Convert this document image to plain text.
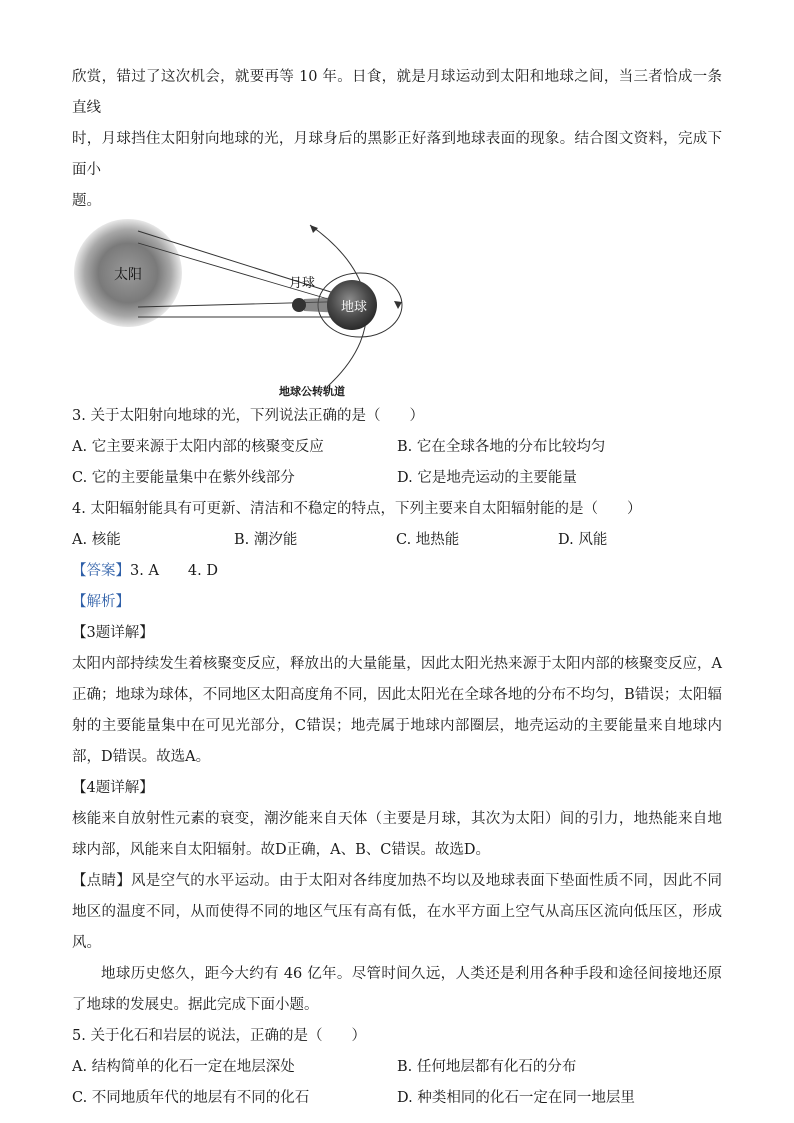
欣赏，错过了这次机会，就要再等 10 年。日食，就是月球运动到太阳和地球之间，当三者恰成一条直线

时，月球挡住太阳射向地球的光，月球身后的黑影正好落到地球表面的现象。结合图文资料，完成下面小

题。

太阳
月球
地球
地球公转轨道

3. 关于太阳射向地球的光，下列说法正确的是（　　）

A. 它主要来源于太阳内部的核聚变反应	B. 它在全球各地的分布比较均匀
C. 它的主要能量集中在紫外线部分	D. 它是地壳运动的主要能量

4. 太阳辐射能具有可更新、清洁和不稳定的特点，下列主要来自太阳辐射能的是（　　）

A. 核能	B. 潮汐能	C. 地热能	D. 风能

【答案】3. A　　4. D

【解析】

【3题详解】

太阳内部持续发生着核聚变反应，释放出的大量能量，因此太阳光热来源于太阳内部的核聚变反应，A正确；地球为球体，不同地区太阳高度角不同，因此太阳光在全球各地的分布不均匀，B错误；太阳辐射的主要能量集中在可见光部分，C错误；地壳属于地球内部圈层，地壳运动的主要能量来自地球内部，D错误。故选A。

【4题详解】

核能来自放射性元素的衰变，潮汐能来自天体（主要是月球，其次为太阳）间的引力，地热能来自地球内部，风能来自太阳辐射。故D正确，A、B、C错误。故选D。

【点睛】风是空气的水平运动。由于太阳对各纬度加热不均以及地球表面下垫面性质不同，因此不同地区的温度不同，从而使得不同的地区气压有高有低，在水平方面上空气从高压区流向低压区，形成风。

地球历史悠久，距今大约有 46 亿年。尽管时间久远，人类还是利用各种手段和途径间接地还原了地球的发展史。据此完成下面小题。

5. 关于化石和岩层的说法，正确的是（　　）

A. 结构简单的化石一定在地层深处	B. 任何地层都有化石的分布
C. 不同地质年代的地层有不同的化石	D. 种类相同的化石一定在同一地层里
